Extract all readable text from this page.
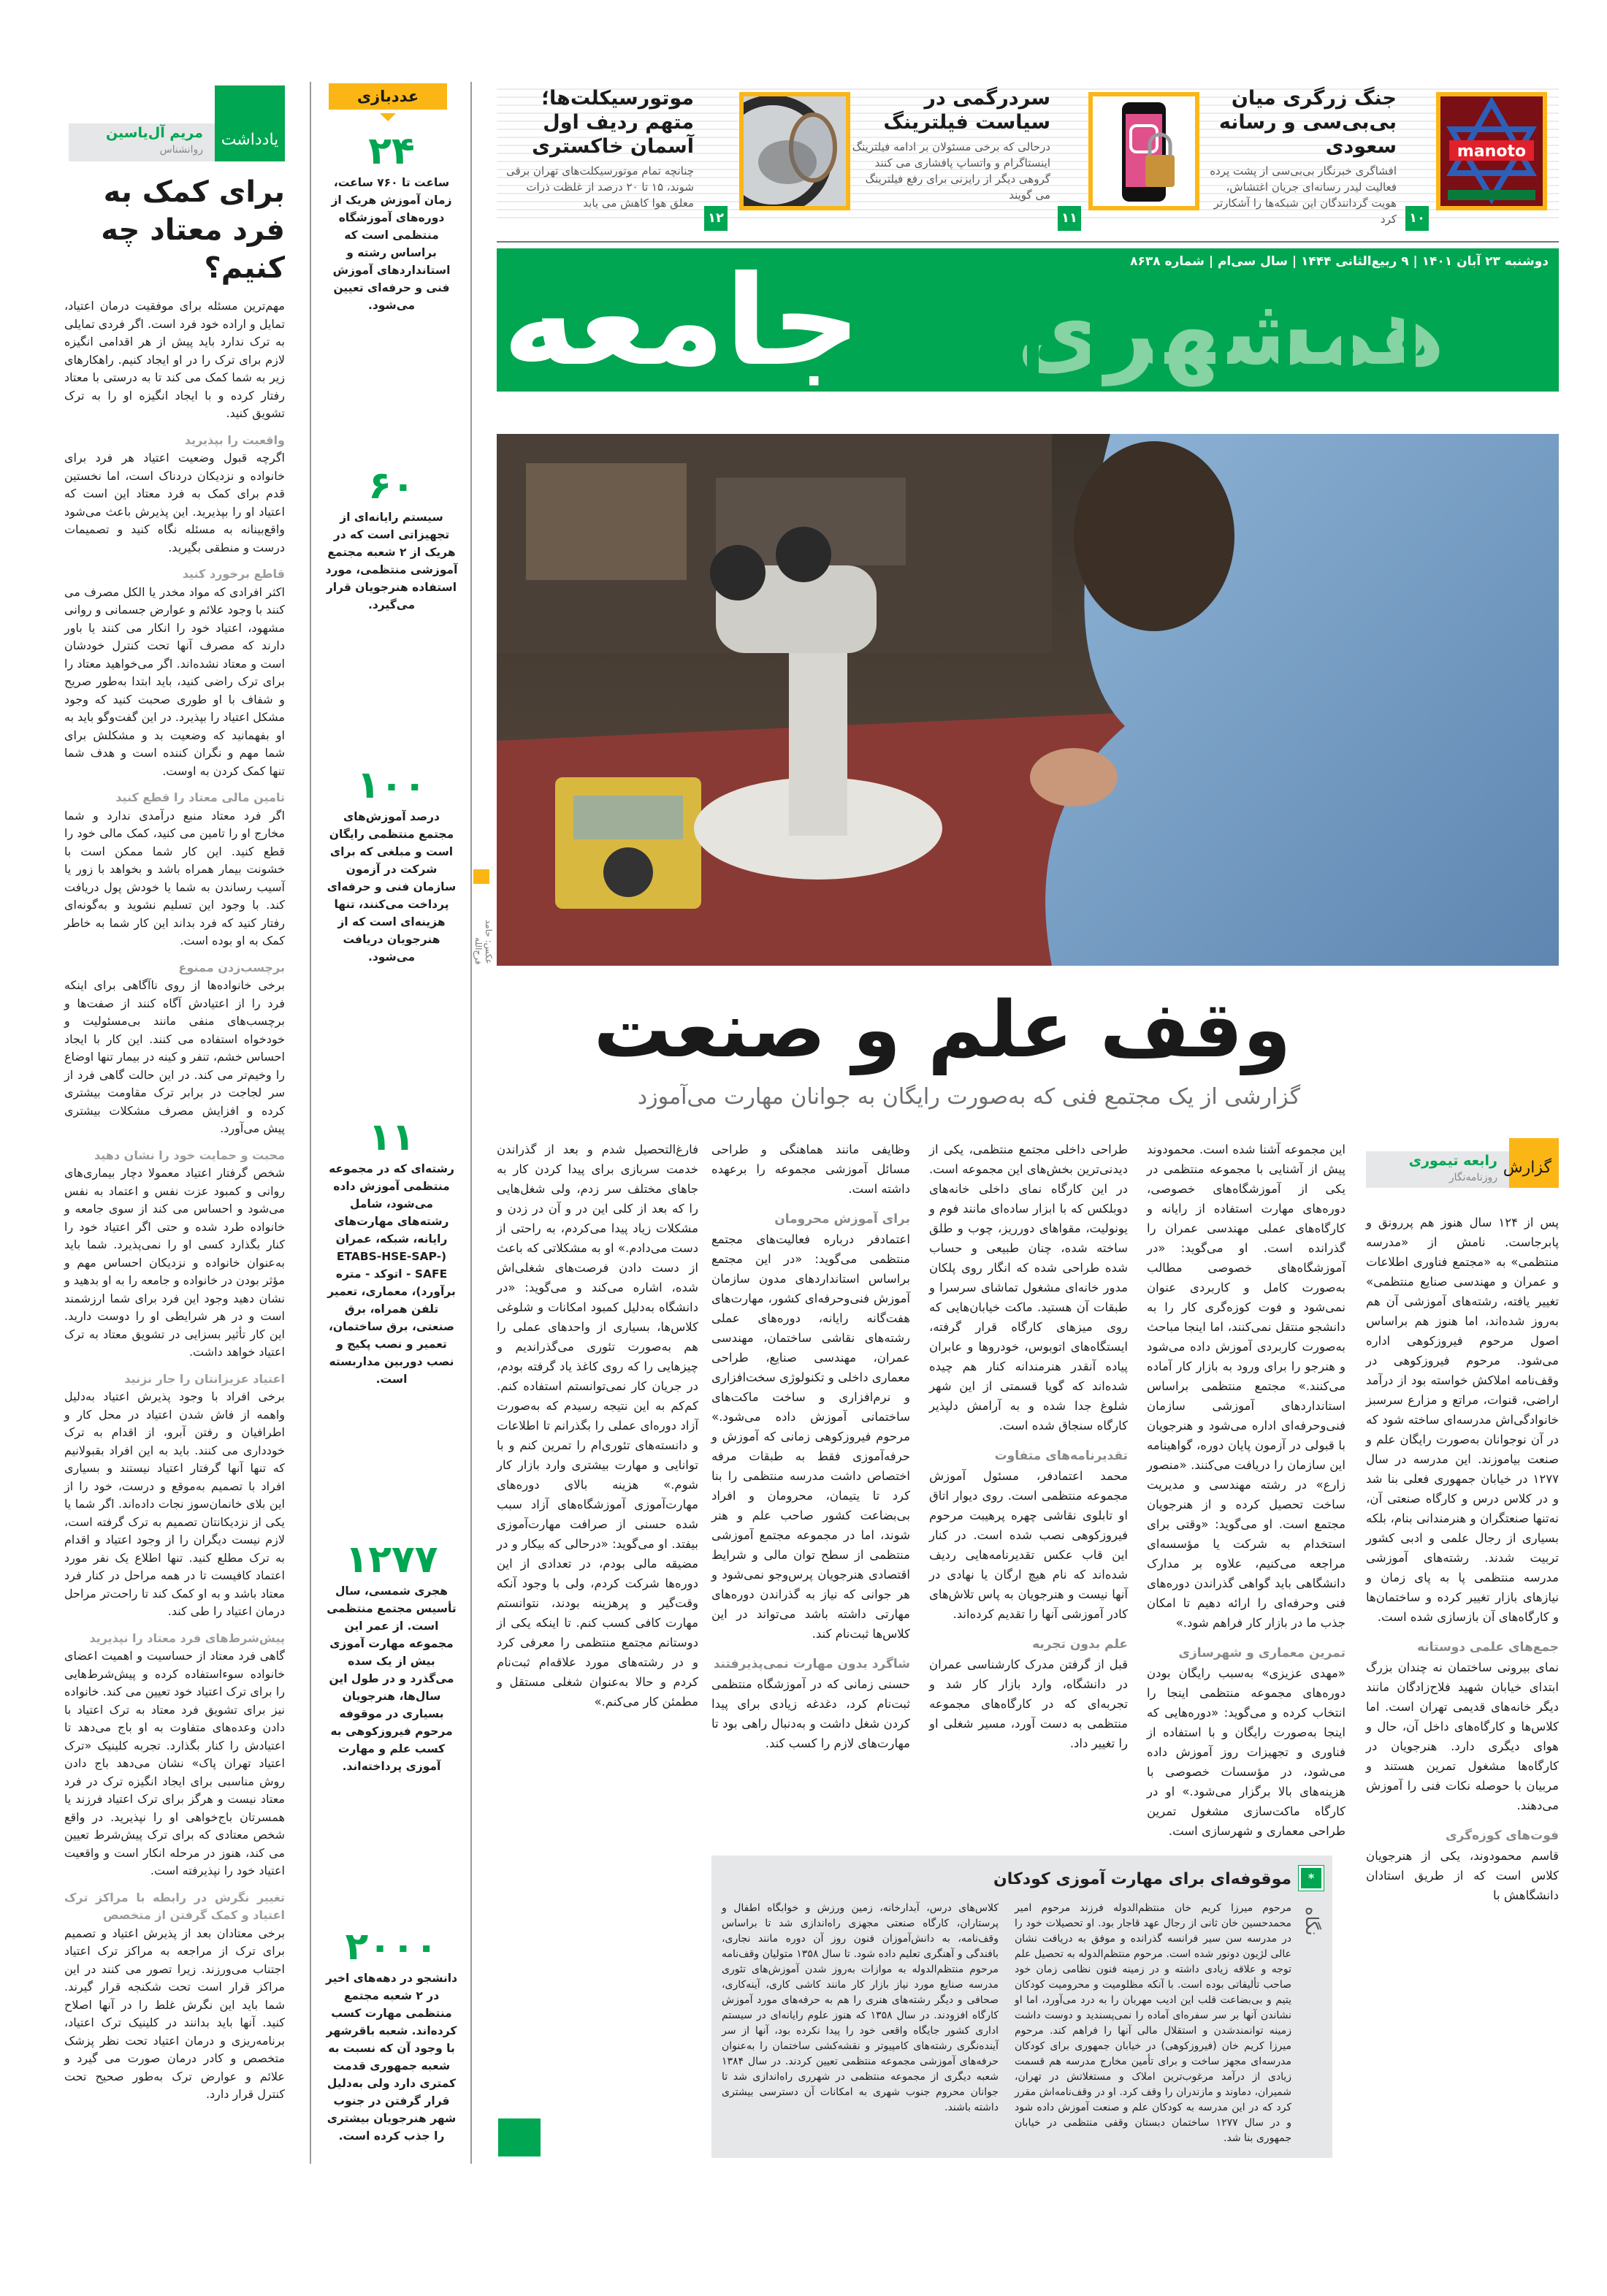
جنگ زرگری میان بی‌بی‌سی و رسانه سعودی
افشاگری خبرنگار بی‌بی‌سی از پشت پرده فعالیت لیدر رسانه‌ای جریان اغتشاش، هویت گردانندگان این شبکه‌ها را آشکارتر کرد
manoto
۱۰
سردرگمی در سیاست فیلترینگ
درحالی که برخی مسئولان بر ادامه فیلترینگ اینستاگرام و واتساپ پافشاری می کنند گروهی دیگر از رایزنی برای رفع فیلترینگ می گویند
۱۱
موتورسیکلت‌ها؛ متهم ردیف اول آسمان خاکستری
چنانچه تمام موتورسیکلت‌های تهران برقی شوند، ۱۵ تا ۲۰ درصد از غلظت ذرات معلق هوا کاهش می یابد
۱۲
دوشنبه ۲۳ آبان ۱۴۰۱ | ۹ ربیع‌الثانی ۱۴۴۴ | سال سی‌ام | شماره ۸۶۳۸
همشهری
جامعه
عکس: حامد فرج‌الله
وقف علم و صنعت
گزارشی از یک مجتمع فنی که به‌صورت رایگان به جوانان مهارت می‌آموزد
گزارش
رابعه تیموری
روزنامه‌نگار

پس از ۱۲۴ سال هنوز هم پررونق و پابرجاست. نامش از «مدرسه منتظمی» به «مجتمع فناوری اطلاعات و عمران و مهندسی صنایع منتظمی» تغییر یافته، رشته‌های آموزشی آن هم به‌روز شده‌اند، اما هنوز هم براساس اصول مرحوم فیروزکوهی اداره می‌شود. مرحوم فیروزکوهی در وقف‌نامه املاکش خواسته بود از درآمد اراضی، قنوات، مراتع و مزارع سرسبز خانوادگی‌اش مدرسه‌ای ساخته شود که در آن نوجوانان به‌صورت رایگان علم و صنعت بیاموزند. این مدرسه در سال ۱۲۷۷ در خیابان جمهوری فعلی بنا شد و در کلاس درس و کارگاه صنعتی آن، نه‌تنها صنعتگران و هنرمندانی بنام، بلکه بسیاری از رجال علمی و ادبی کشور تربیت شدند. رشته‌های آموزشی مدرسه منتظمی پا به پای زمان و نیازهای بازار تغییر کرده و ساختمان‌ها و کارگاه‌های آن بازسازی شده است.

جمع‌های علمی دوستانه

نمای بیرونی ساختمان نه چندان بزرگ ابتدای خیابان شهید فلاح‌زادگان مانند دیگر خانه‌های قدیمی تهران است. اما کلاس‌ها و کارگاه‌های داخل آن، حال و هوای دیگری دارد. هنرجویان در کارگاه‌ها مشغول تمرین هستند و مربیان با حوصله نکات فنی را آموزش می‌دهند.

فوت‌های کوزه‌گری

قاسم محمودوند، یکی از هنرجویان کلاس است که از طریق استادان دانشگاهش با

این مجموعه آشنا شده است. محمودوند پیش از آشنایی با مجموعه منتظمی در یکی از آموزشگاه‌های خصوصی، دوره‌های مهارت استفاده از رایانه و کارگاه‌های عملی مهندسی عمران را گذرانده است. او می‌گوید: «در آموزشگاه‌های خصوصی مطالب به‌صورت کامل و کاربردی عنوان نمی‌شود و فوت کوزه‌گری کار را به دانشجو منتقل نمی‌کنند، اما اینجا مباحث به‌صورت کاربردی آموزش داده می‌شود و هنرجو را برای ورود به بازار کار آماده می‌کنند.» مجتمع منتظمی براساس استانداردهای آموزشی سازمان فنی‌وحرفه‌ای اداره می‌شود و هنرجویان با قبولی در آزمون پایان دوره، گواهینامه این سازمان را دریافت می‌کنند. «منصور زارع» در رشته مهندسی و مدیریت ساخت تحصیل کرده و از هنرجویان مجتمع است. او می‌گوید: «وقتی برای استخدام به شرکت یا مؤسسه‌ای مراجعه می‌کنیم، علاوه بر مدارک دانشگاهی باید گواهی گذراندن دوره‌های فنی وحرفه‌ای را ارائه دهیم تا امکان جذب ما در بازار کار فراهم شود.»

تمرین معماری و شهرسازی

«مهدی عزیزی» به‌سبب رایگان بودن دوره‌های مجموعه منتظمی اینجا را انتخاب کرده و می‌گوید: «دوره‌هایی که اینجا به‌صورت رایگان و با استفاده از فناوری و تجهیزات روز آموزش داده می‌شود، در مؤسسات خصوصی با هزینه‌های بالا برگزار می‌شود.» او در کارگاه ماکت‌سازی مشغول تمرین طراحی معماری و شهرسازی است.

طراحی داخلی مجتمع منتظمی، یکی از دیدنی‌ترین بخش‌های این مجموعه است. در این کارگاه نمای داخلی خانه‌های دوبلکس که با ابزار ساده‌ای مانند فوم و یونولیت، مقواهای دورریز، چوب و طلق ساخته شده، چنان طبیعی و حساب شده طراحی شده که انگار روی پلکان مدور خانه‌ای مشغول تماشای سرسرا و طبقات آن هستید. ماکت خیابان‌هایی که روی میزهای کارگاه قرار گرفته، ایستگاه‌های اتوبوس، خودروها و عابران پیاده آنقدر هنرمندانه کنار هم چیده شده‌اند که گویا قسمتی از این شهر شلوغ جدا شده و به آرامش دلپذیر کارگاه سنجاق شده است.

تقدیرنامه‌های متفاوت

محمد اعتمادفر، مسئول آموزش مجموعه منتظمی است. روی دیوار اتاق او تابلوی نقاشی چهره پرهیبت مرحوم فیروزکوهی نصب شده است. در کنار این قاب عکس تقدیرنامه‌هایی ردیف شده‌اند که نام هیچ ارگان یا نهادی در آنها نیست و هنرجویان به پاس تلاش‌های کادر آموزشی آنها را تقدیم کرده‌اند.

علم بدون تجربه

قبل از گرفتن مدرک کارشناسی عمران در دانشگاه، وارد بازار کار شد و تجربه‌ای که در کارگاه‌های مجموعه منتظمی به دست آورد، مسیر شغلی او را تغییر داد.

وظایفی مانند هماهنگی و طراحی مسائل آموزشی مجموعه را برعهده داشته است.

برای آموزش محرومان

اعتمادفر درباره فعالیت‌های مجتمع منتظمی می‌گوید: «در این مجتمع براساس استانداردهای مدون سازمان آموزش فنی‌وحرفه‌ای کشور، مهارت‌های هفت‌گانه رایانه، دوره‌های عملی رشته‌های نقاشی ساختمان، مهندسی عمران، مهندسی صنایع، طراحی معماری داخلی و تکنولوژی سخت‌افزاری و نرم‌افزاری و ساخت ماکت‌های ساختمانی آموزش داده می‌شود.» مرحوم فیروزکوهی زمانی که آموزش و حرفه‌آموزی فقط به طبقات مرفه اختصاص داشت مدرسه منتظمی را بنا کرد تا یتیمان، محرومان و افراد بی‌بضاعت کشور صاحب علم و هنر شوند، اما در مجموعه مجتمع آموزشی منتظمی از سطح توان مالی و شرایط اقتصادی هنرجویان پرس‌وجو نمی‌شود و هر جوانی که نیاز به گذراندن دوره‌های مهارتی داشته باشد می‌تواند در این کلاس‌ها ثبت‌نام کند.

شاگرد بدون مهارت نمی‌پذیرفتند

حسنی زمانی که در آموزشگاه منتظمی ثبت‌نام کرد، دغدغه زیادی برای پیدا کردن شغل داشت و به‌دنبال راهی بود تا مهارت‌های لازم را کسب کند.

*
نگاه
موقوفه‌ای برای مهارت آموزی کودکان
مرحوم میرزا کریم خان منتظم‌الدوله فرزند مرحوم امیر محمدحسین خان ثانی از رجال عهد قاجار بود. او تحصیلات خود را در مدرسه سن سیر فرانسه گذرانده و موفق به دریافت نشان عالی لژیون دونور شده است. مرحوم منتظم‌الدوله به تحصیل علم توجه و علاقه زیادی داشته و در زمینه فنون نظامی زمان خود صاحب تألیفاتی بوده است. با آنکه مظلومیت و محرومیت کودکان یتیم و بی‌بضاعت قلب این ادیب مهربان را به درد می‌آورد، اما او نشاندن آنها بر سر سفره‌ای آماده را نمی‌پسندید و دوست داشت زمینه توانمندشدن و استقلال مالی آنها را فراهم کند. مرحوم میرزا کریم خان (فیروزکوهی) در خیابان جمهوری برای کودکان مدرسه‌ای مجهز ساخت و برای تأمین مخارج مدرسه هم قسمت زیادی از درآمد مرغوب‌ترین املاک و مستغلاتش در تهران، شمیران، دماوند و مازندران را وقف کرد. او در وقف‌نامه‌اش مقرر کرد که در این مدرسه به کودکان علم و صنعت آموزش داده شود و در سال ۱۲۷۷ ساختمان دبستان وقفی منتظمی در خیابان جمهوری بنا شد.
کلاس‌های درس، آبدارخانه، زمین ورزش و خوابگاه اطفال و پرستاران، کارگاه صنعتی مجهزی راه‌اندازی شد تا براساس وقف‌نامه، به دانش‌آموزان فنون روز آن دوره مانند نجاری، بافندگی و آهنگری تعلیم داده شود. تا سال ۱۳۵۸ متولیان وقف‌نامه مرحوم منتظم‌الدوله به موازات به‌روز شدن آموزش‌های تئوری مدرسه صنایع مورد نیاز بازار کار مانند کاشی کاری، آینه‌کاری، صحافی و دیگر رشته‌های هنری را هم به حرفه‌های مورد آموزش کارگاه افزودند. در سال ۱۳۵۸ که هنوز علوم رایانه‌ای در سیستم اداری کشور جایگاه واقعی خود را پیدا نکرده بود، آنها از سر آینده‌نگری رشته‌های کامپیوتر و نقشه‌کشی ساختمان را به‌عنوان حرفه‌های آموزشی مجموعه منتظمی تعیین کردند. در سال ۱۳۸۴ شعبه دیگری از مجموعه منتظمی در شهرری راه‌اندازی شد تا جوانان محروم جنوب شهری به امکانات آن دسترسی بیشتری داشته باشند.

فارغ‌التحصیل شدم و بعد از گذراندن خدمت سربازی برای پیدا کردن کار به جاهای مختلف سر زدم، ولی شغل‌هایی را که بعد از کلی این در و آن در زدن و مشکلات زیاد پیدا می‌کردم، به راحتی از دست می‌دادم.» او به مشکلاتی که باعث از دست دادن فرصت‌های شغلی‌اش شده، اشاره می‌کند و می‌گوید: «در دانشگاه به‌دلیل کمبود امکانات و شلوغی کلاس‌ها، بسیاری از واحدهای عملی را هم به‌صورت تئوری می‌گذراندیم و چیزهایی را که روی کاغذ یاد گرفته بودم، در جریان کار نمی‌توانستم استفاده کنم. کم‌کم به این نتیجه رسیدم که به‌صورت آزاد دوره‌ای عملی را بگذرانم تا اطلاعات و دانسته‌های تئوری‌ام را تمرین کنم و با توانایی و مهارت بیشتری وارد بازار کار شوم.» هزینه بالای دوره‌های مهارت‌آموزی آموزشگاه‌های آزاد سبب شده حسنی از صرافت مهارت‌آموزی بیفتد. او می‌گوید: «درحالی که بیکار و در مضیقه مالی بودم، در تعدادی از این دوره‌ها شرکت کردم، ولی با وجود آنکه وقت‌گیر و پرهزینه بودند، نتوانستم مهارت کافی کسب کنم. تا اینکه یکی از دوستانم مجتمع منتظمی را معرفی کرد و در رشته‌های مورد علاقه‌ام ثبت‌نام کردم و حالا به‌عنوان شغلی مستقل و مطمئن کار می‌کنم.»

عددبازی
۲۴
ساعت تا ۷۶۰ ساعت، زمان آموزش هریک از دوره‌های آموزشگاه منتظمی است که براساس رشته و استانداردهای آموزش فنی و حرفه‌ای تعیین می‌شود.
۶۰
سیستم رایانه‌ای از تجهیزاتی است که در هریک از ۲ شعبه مجتمع آموزشی منتظمی، مورد استفاده هنرجویان قرار می‌گیرد.
۱۰۰
درصد آموزش‌های مجتمع منتظمی رایگان است و مبلغی که برای شرکت در آزمون سازمان فنی و حرفه‌ای پرداخت می‌کنند، تنها هزینه‌ای است که از هنرجویان دریافت می‌شود.
۱۱
رشته‌ای که در مجموعه منتظمی آموزش داده می‌شود، شامل رشته‌های مهارت‌های رایانه، شبکه، عمران (ETABS-HSE-SAP-SAFE - اتوکد - متره برآورد)، معماری، تعمیر تلفن همراه، برق صنعتی، برق ساختمان، تعمیر و نصب پکیج و نصب دوربین مداربسته است.
۱۲۷۷
هجری شمسی، سال تأسیس مجتمع منتظمی است. از عمر این مجموعه مهارت آموزی بیش از یک سده می‌گذرد و در طول این سال‌ها، هنرجویان بسیاری در موقوفه مرحوم فیروزکوهی به کسب علم و مهارت آموزی پرداخته‌اند.
۲۰۰۰
دانشجو در دهه‌های اخیر در ۲ شعبه مجتمع منتظمی مهارت کسب کرده‌اند. شعبه باقرشهر با وجود آن که نسبت به شعبه جمهوری قدمت کمتری دارد ولی به‌دلیل قرار گرفتن در جنوب شهر هنرجویان بیشتری را جذب کرده است.
یادداشت
مریم آل‌یاسین
روانشناس
برای کمک به فرد معتاد چه کنیم؟

مهم‌ترین مسئله برای موفقیت درمان اعتیاد، تمایل و اراده خود فرد است. اگر فردی تمایلی به ترک ندارد باید پیش از هر اقدامی انگیزه لازم برای ترک را در او ایجاد کنیم. راهکارهای زیر به شما کمک می کند تا به درستی با معتاد رفتار کرده و با ایجاد انگیزه او را به ترک تشویق کنید.

واقعیت را بپذیرید

اگرچه قبول وضعیت اعتیاد هر فرد برای خانواده و نزدیکان دردناک است، اما نخستین قدم برای کمک به فرد معتاد این است که اعتیاد او را بپذیرید. این پذیرش باعث می‌شود واقع‌بینانه به مسئله نگاه کنید و تصمیمات درست و منطقی بگیرید.

قاطع برخورد کنید

اکثر افرادی که مواد مخدر یا الکل مصرف می کنند با وجود علائم و عوارض جسمانی و روانی مشهود، اعتیاد خود را انکار می کنند یا باور دارند که مصرف آنها تحت کنترل خودشان است و معتاد نشده‌اند. اگر می‌خواهید معتاد را برای ترک راضی کنید، باید ابتدا به‌طور صریح و شفاف با او طوری صحبت کنید که وجود مشکل اعتیاد را بپذیرد. در این گفت‌وگو باید به او بفهمانید که وضعیت بد و مشکلش برای شما مهم و نگران کننده است و هدف شما تنها کمک کردن به اوست.

تامین مالی معتاد را قطع کنید

اگر فرد معتاد منبع درآمدی ندارد و شما مخارج او را تامین می کنید، کمک مالی خود را قطع کنید. این کار شما ممکن است با خشونت بیمار همراه باشد و بخواهد با زور یا آسیب رساندن به شما یا خودش پول دریافت کند. با وجود این تسلیم نشوید و به‌گونه‌ای رفتار کنید که فرد بداند این کار شما به خاطر کمک به او بوده است.

برچسب‌زدن ممنوع

برخی خانواده‌ها از روی ناآگاهی برای اینکه فرد را از اعتیادش آگاه کنند از صفت‌ها و برچسب‌های منفی مانند بی‌مسئولیت و خودخواه استفاده می کنند. این کار با ایجاد احساس خشم، تنفر و کینه در بیمار تنها اوضاع را وخیم‌تر می کند. در این حالت گاهی فرد از سر لجاجت در برابر ترک مقاومت بیشتری کرده و افزایش مصرف مشکلات بیشتری پیش می‌آورد.

محبت و حمایت خود را نشان دهید

شخص گرفتار اعتیاد معمولا دچار بیماری‌های روانی و کمبود عزت نفس و اعتماد به نفس می‌شود و احساس می کند از سوی جامعه و خانواده طرد شده و حتی اگر اعتیاد خود را کنار بگذارد کسی او را نمی‌پذیرد. شما باید به‌عنوان خانواده و نزدیکان احساس مهم و مؤثر بودن در خانواده و جامعه را به او بدهید و نشان دهید وجود این فرد برای شما ارزشمند است و در هر شرایطی او را دوست دارید. این کار تأثیر بسزایی در تشویق معتاد به ترک اعتیاد خواهد داشت.

اعتیاد عزیزانتان را جار نزنید

برخی افراد با وجود پذیرش اعتیاد به‌دلیل واهمه از فاش شدن اعتیاد در محل کار و اطرافیان و رفتن آبرو، از اقدام به ترک خودداری می کنند. باید به این افراد بقبولانیم که تنها آنها گرفتار اعتیاد نیستند و بسیاری افراد با تصمیم به‌موقع و درست، خود را از این بلای خانمان‌سوز نجات داده‌اند. اگر شما یا یکی از نزدیکانتان تصمیم به ترک گرفته است، لازم نیست دیگران را از وجود اعتیاد و اقدام به ترک مطلع کنید. تنها اطلاع یک نفر مورد اعتماد کافیست تا در همه مراحل در کنار فرد معتاد باشد و به او کمک کند تا راحت‌تر مراحل درمان اعتیاد را طی کند.

پیش‌شرط‌های فرد معتاد را نپذیرید

گاهی فرد معتاد از حساسیت و اهمیت اعضای خانواده سوءاستفاده کرده و پیش‌شرط‌هایی را برای ترک اعتیاد خود تعیین می کند. خانواده نیز برای تشویق فرد معتاد به ترک اعتیاد با دادن وعده‌های متفاوت به او باج می‌دهد تا اعتیادش را کنار بگذارد. تجربه کلینیک «ترک اعتیاد تهران پاک» نشان می‌دهد باج دادن روش مناسبی برای ایجاد انگیزه ترک در فرد معتاد نیست و هرگز برای ترک اعتیاد فرزند یا همسرتان باج‌خواهی او را نپذیرید. در واقع شخص معتادی که برای ترک پیش‌شرط تعیین می کند، هنوز در مرحله انکار است و واقعیت اعتیاد خود را نپذیرفته است.

تغییر نگرش در رابطه با مراکز ترک اعتیاد و کمک گرفتن از متخصص

برخی معتادان بعد از پذیرش اعتیاد و تصمیم برای ترک از مراجعه به مراکز ترک اعتیاد اجتناب می‌ورزند. زیرا تصور می کنند در این مراکز قرار است تحت شکنجه قرار گیرند. شما باید این نگرش غلط را در آنها اصلاح کنید. آنها باید بدانند در کلینیک ترک اعتیاد، برنامه‌ریزی و درمان اعتیاد تحت نظر پزشک متخصص و کادر درمان صورت می گیرد و علائم و عوارض ترک به‌طور صحیح تحت کنترل قرار دارد.
